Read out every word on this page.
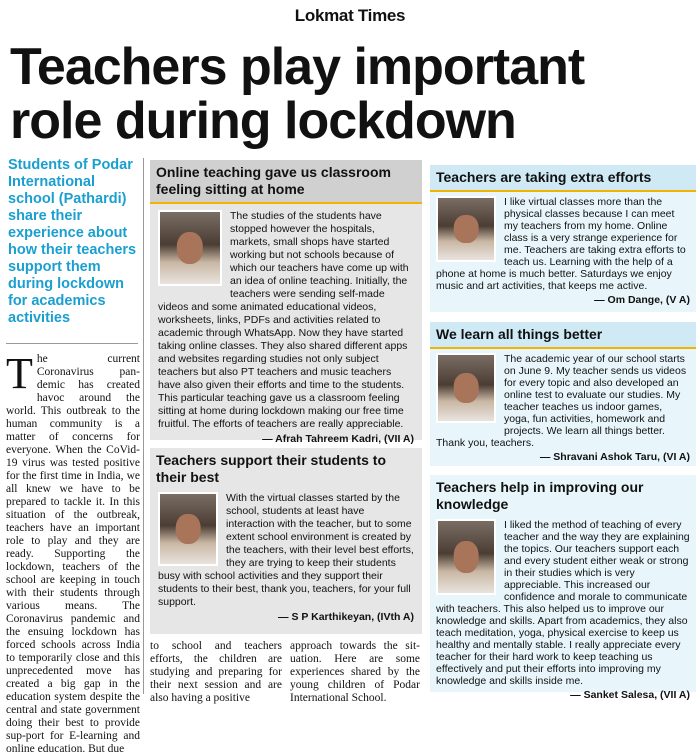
Lokmat Times
Teachers play important
role during lockdown

Students of Podar International school (Pathardi) share their experience about how their teachers support them during lockdown for academics activities

The current Coronavirus pan-demic has created havoc around the world. This outbreak to the human community is a matter of concerns for everyone. When the CoVid-19 virus was tested positive for the first time in India, we all knew we have to be prepared to tackle it. In this situation of the outbreak, teachers have an important role to play and they are ready. Supporting the lockdown, teachers of the school are keeping in touch with their students through various means. The Coronavirus pandemic and the ensuing lockdown has forced schools across India to temporarily close and this unprecedented move has created a big gap in the education system despite the central and state government doing their best to provide sup-port for E-learning and online education. But due

to school and teachers efforts, the children are studying and preparing for their next session and are also having a positive

approach towards the sit-uation. Here are some experiences shared by the young children of Podar International School.

Online teaching gave us classroom feeling sitting at home

The studies of the students have stopped however the hospitals, markets, small shops have started working but not schools because of which our teachers have come up with an idea of online teaching. Initially, the teachers were sending self-made videos and some animated educational videos, worksheets, links, PDFs and activities related to academic through WhatsApp. Now they have started taking online classes. They also shared different apps and websites regarding studies not only subject teachers but also PT teachers and music teachers have also given their efforts and time to the students. This particular teaching gave us a classroom feeling sitting at home during lockdown making our free time fruitful. The efforts of teachers are really appreciable.

— Afrah Tahreem Kadri, (VII A)

Teachers support their students to their best

With the virtual classes started by the school, students at least have interaction with the teacher, but to some extent school environment is created by the teachers, with their level best efforts, they are trying to keep their students busy with school activities and they support their students to their best, thank you, teachers, for your full support.

— S P Karthikeyan, (IVth A)

Teachers are taking extra efforts

I like virtual classes more than the physical classes because I can meet my teachers from my home. Online class is a very strange experience for me. Teachers are taking extra efforts to teach us. Learning with the help of a phone at home is much better. Saturdays we enjoy music and art activities, that keeps me active.

— Om Dange, (V A)

We learn all things better

The academic year of our school starts on June 9. My teacher sends us videos for every topic and also developed an online test to evaluate our studies. My teacher teaches us indoor games, yoga, fun activities, homework and projects. We learn all things better. Thank you, teachers.

— Shravani Ashok Taru, (VI A)

Teachers help in improving our knowledge

I liked the method of teaching of every teacher and the way they are explaining the topics. Our teachers support each and every student either weak or strong in their studies which is very appreciable. This increased our confidence and morale to communicate with teachers. This also helped us to improve our knowledge and skills. Apart from academics, they also teach meditation, yoga, physical exercise to keep us healthy and mentally stable. I really appreciate every teacher for their hard work to keep teaching us effectively and put their efforts into improving my knowledge and skills inside me.

— Sanket Salesa, (VII A)
